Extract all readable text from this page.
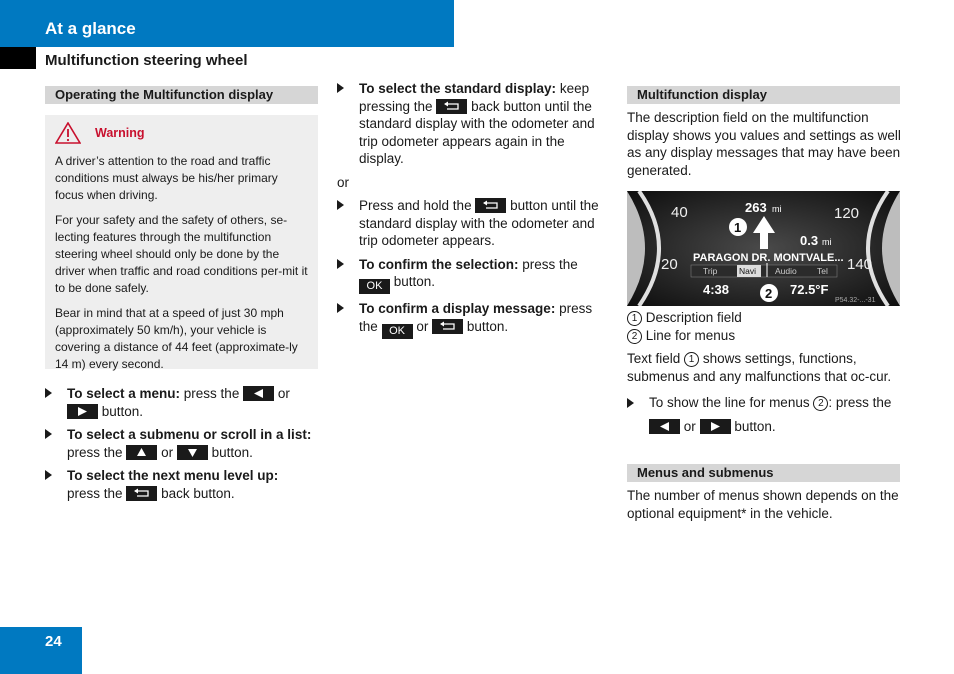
At a glance
Multifunction steering wheel
Operating the Multifunction display
Warning

A driver’s attention to the road and traffic conditions must always be his/her primary focus when driving.

For your safety and the safety of others, se-lecting features through the multifunction steering wheel should only be done by the driver when traffic and road conditions per-mit it to be done safely.

Bear in mind that at a speed of just 30 mph (approximately 50 km/h), your vehicle is covering a distance of 44 feet (approximate-ly 14 m) every second.

To select a menu: press the	or
button.

To select a submenu or scroll in a list: press the	or	button.

To select the next menu level up:
press the	back button.

To select the standard display: keep pressing the	back button until the standard display with the odometer and trip odometer appears again in the display.

or

Press and hold the	button until the standard display with the odometer and trip odometer appears.

To confirm the selection: press the
OK button.

To confirm a display message: press the OK or	button.

Multifunction display

The description field on the multifunction display shows you values and settings as well as any display messages that may have been generated.

40
20
120
140
263 mi
1
0.3 mi
PARAGON DR. MONTVALE...
Trip	Navi Audio Tel
4:38	2 72.5°F
P54.32-...-31

1 Description field

2 Line for menus

Text field 1 shows settings, functions, submenus and any malfunctions that oc-cur.

To show the line for menus 2 : press the
or	button.

Menus and submenus

The number of menus shown depends on the optional equipment* in the vehicle.

24
